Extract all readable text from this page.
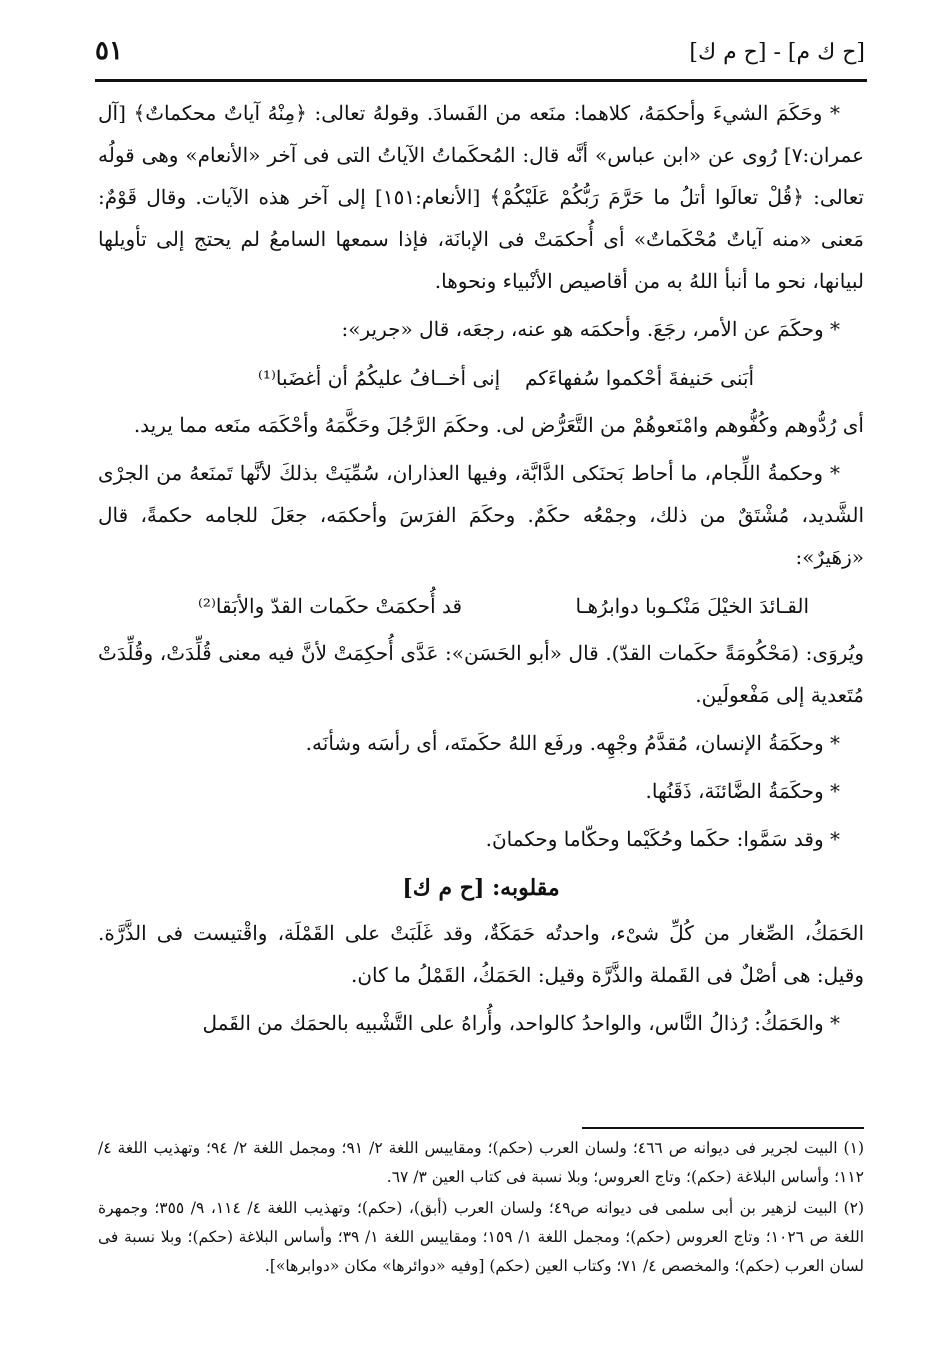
[ح ك م] - [ح م ك]
٥١

* وحَكَمَ الشيءَ وأحكمَهُ، كلاهما: منَعه من الفَسادَ. وقولهُ تعالى: ﴿مِنْهُ آياتٌ محكماتٌ﴾ [آل عمران:٧] رُوى عن «ابن عباس» أنَّه قال: المُحكَماتُ الآياتُ التى فى آخر «الأنعام» وهى قولُه تعالى: ﴿قُلْ تعالَوا أتلُ ما حَرَّمَ رَبُّكُمْ عَلَيْكُمْ﴾ [الأنعام:١٥١] إلى آخر هذه الآيات. وقال قَوْمٌ: مَعنى «منه آياتٌ مُحْكَماتٌ» أى أُحكمَتْ فى الإبانَة، فإذا سمعها السامعُ لم يحتج إلى تأويلها لبيانها، نحو ما أنبأ اللهُ به من أقاصيص الأنْبياء ونحوها.

* وحكَمَ عن الأمر، رجَعَ. وأحكمَه هو عنه، رجعَه، قال «جرير»:

أبَنى حَنيفةَ أحْكموا سُفهاءَكم
إنى أخــافُ عليكُمُ أن أغضَبا⁽¹⁾

أى رُدُّوهم وكُفُّوهم وامْنَعوهُمْ من التَّعَرُّض لى. وحكَمَ الرَّجُلَ وحَكَّمَهُ وأحْكَمَه منَعه مما يريد.

* وحكمةُ اللِّجام، ما أحاط بَحنَكى الدَّابَّة، وفيها العذاران، سُمِّيَتْ بذلكَ لأنَّها تَمنَعهُ من الجرْى الشَّديد، مُشْتَقٌ من ذلك، وجمْعُه حكَمٌ. وحكَمَ الفرَسَ وأحكمَه، جعَلَ للجامه حكمةً، قال «زهَيرٌ»:

القـائدَ الخيْلَ مَنْكـوبا دوابرُهـا
قد أُحكمَتْ حكَمات القدّ والأبَقا⁽²⁾

ويُروَى: (مَحْكُومَةً حكَمات القدّ). قال «أبو الحَسَن»: عَدَّى أُحكِمَتْ لأنَّ فيه معنى قُلِّدَتْ، وقُلِّدَتْ مُتَعدية إلى مَفْعولَين.

* وحكَمَةُ الإنسان، مُقدَّمُ وجْهِه. ورفَع اللهُ حكَمتَه، أى رأسَه وشأنَه.

* وحكَمَةُ الضَّائنَة، ذَقَنُها.

* وقد سَمَّوا: حكَما وحُكَيْما وحكّاما وحكمانَ.

مقلوبه: [ح م ك]

الحَمَكُ، الصِّغار من كُلِّ شىْء، واحدتُه حَمَكَةٌ، وقد غَلَبَتْ على القَمْلَة، واقْتيست فى الذَّرَّة. وقيل: هى أصْلٌ فى القَملة والذَّرَّة وقيل: الحَمَكُ، القَمْلُ ما كان.

* والحَمَكُ: رُذالُ النَّاس، والواحدُ كالواحد، وأُراهُ على التَّشْبيه بالحمَك من القَمل

(١) البيت لجرير فى ديوانه ص ٤٦٦؛ ولسان العرب (حكم)؛ ومقاييس اللغة ٢/ ٩١؛ ومجمل اللغة ٢/ ٩٤؛ وتهذيب اللغة ٤/ ١١٢؛ وأساس البلاغة (حكم)؛ وتاج العروس؛ وبلا نسبة فى كتاب العين ٣/ ٦٧.

(٢) البيت لزهير بن أبى سلمى فى ديوانه ص٤٩؛ ولسان العرب (أبق)، (حكم)؛ وتهذيب اللغة ٤/ ١١٤، ٩/ ٣٥٥؛ وجمهرة اللغة ص ١٠٢٦؛ وتاج العروس (حكم)؛ ومجمل اللغة ١/ ١٥٩؛ ومقاييس اللغة ١/ ٣٩؛ وأساس البلاغة (حكم)؛ وبلا نسبة فى لسان العرب (حكم)؛ والمخصص ٤/ ٧١؛ وكتاب العين (حكم) [وفيه «دوائرها» مكان «دوابرها»].
